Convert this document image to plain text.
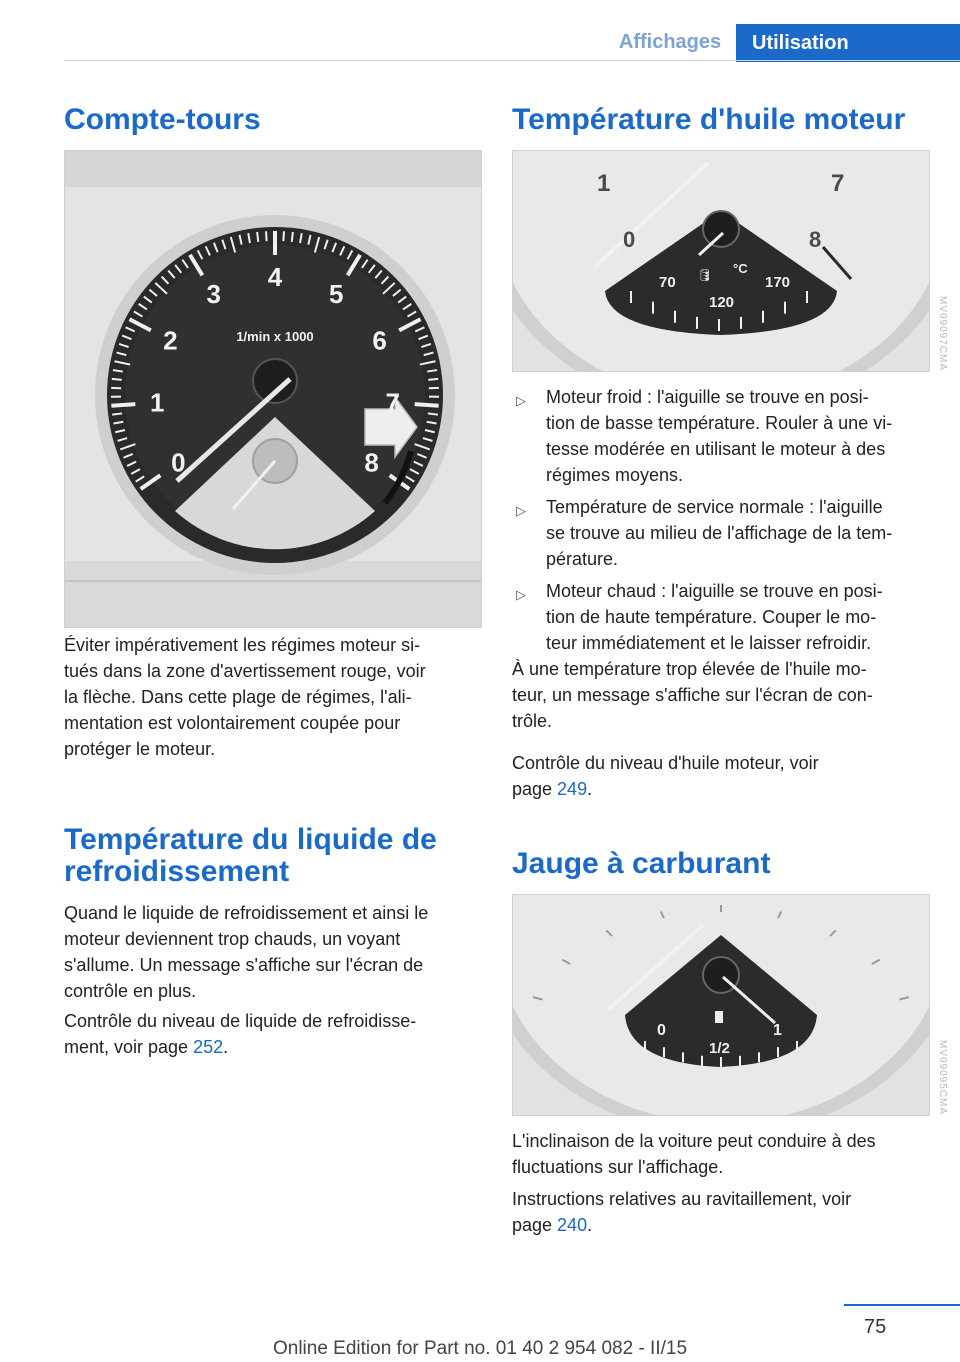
Affichages	Utilisation
Compte-tours
1/min x 1000
0
1
2
3
4
5
6
7
8

Éviter impérativement les régimes moteur si-
tués dans la zone d'avertissement rouge, voir
la flèche. Dans cette plage de régimes, l'ali-
mentation est volontairement coupée pour
protéger le moteur.

Température du liquide de
refroidissement

Quand le liquide de refroidissement et ainsi le
moteur deviennent trop chauds, un voyant
s'allume. Un message s'affiche sur l'écran de
contrôle en plus.

Contrôle du niveau de liquide de refroidisse-
ment, voir page 252.

Température d'huile moteur
🛢
1	7
0	8
70
°C
170
120	MV09097CMA
▷ Moteur froid : l'aiguille se trouve en posi-
tion de basse température. Rouler à une vi-
tesse modérée en utilisant le moteur à des
régimes moyens.
▷ Température de service normale : l'aiguille
se trouve au milieu de l'affichage de la tem-
pérature.
▷ Moteur chaud : l'aiguille se trouve en posi-
tion de haute température. Couper le mo-
teur immédiatement et le laisser refroidir.

À une température trop élevée de l'huile mo-
teur, un message s'affiche sur l'écran de con-
trôle.

Contrôle du niveau d'huile moteur, voir
page 249.

Jauge à carburant
0
1/2
1
MV09095CMA

L'inclinaison de la voiture peut conduire à des
fluctuations sur l'affichage.

Instructions relatives au ravitaillement, voir
page 240.

75
Online Edition for Part no. 01 40 2 954 082 - II/15
